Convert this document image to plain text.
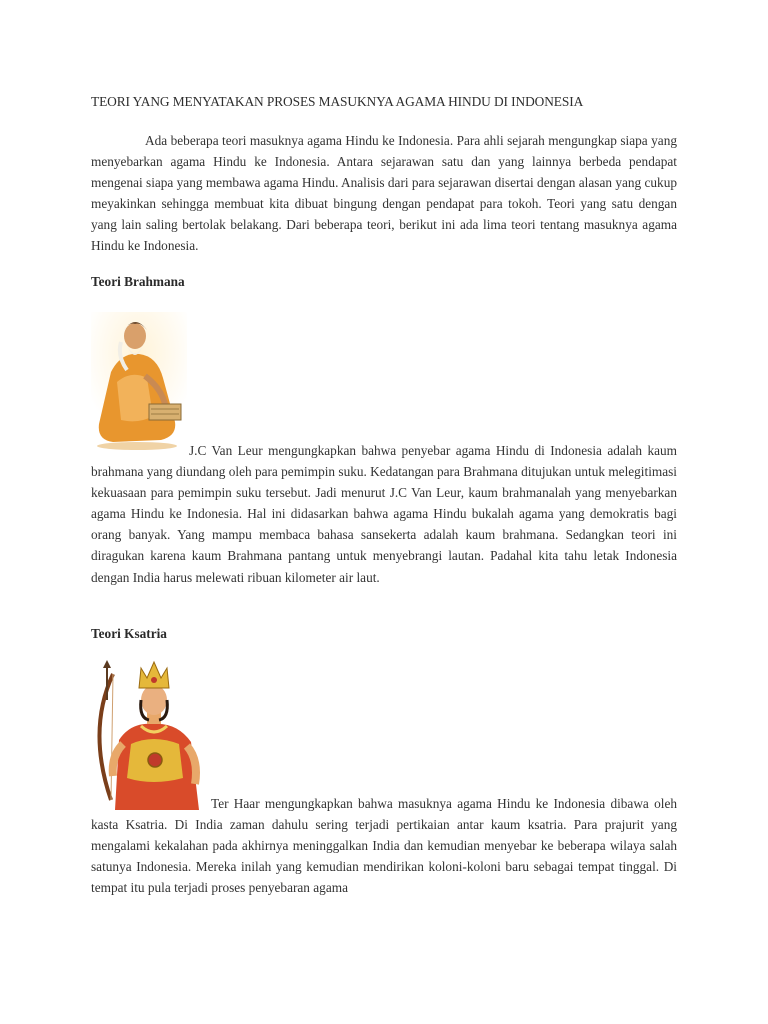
TEORI YANG MENYATAKAN PROSES MASUKNYA AGAMA HINDU DI INDONESIA

Ada beberapa teori masuknya agama Hindu ke Indonesia. Para ahli sejarah mengungkap siapa yang menyebarkan agama Hindu ke Indonesia. Antara sejarawan satu dan yang lainnya berbeda pendapat mengenai siapa yang membawa agama Hindu. Analisis dari para sejarawan disertai dengan alasan yang cukup meyakinkan sehingga membuat kita dibuat bingung dengan pendapat para tokoh. Teori yang satu dengan yang lain saling bertolak belakang. Dari beberapa teori, berikut ini ada lima teori tentang masuknya agama Hindu ke Indonesia.

Teori Brahmana

J.C Van Leur mengungkapkan bahwa penyebar agama Hindu di Indonesia adalah kaum brahmana yang diundang oleh para pemimpin suku. Kedatangan para Brahmana ditujukan untuk melegitimasi kekuasaan para pemimpin suku tersebut. Jadi menurut J.C Van Leur, kaum brahmanalah yang menyebarkan agama Hindu ke Indonesia. Hal ini didasarkan bahwa agama Hindu bukalah agama yang demokratis bagi orang banyak. Yang mampu membaca bahasa sansekerta adalah kaum brahmana. Sedangkan teori ini diragukan karena kaum Brahmana pantang untuk menyebrangi lautan. Padahal kita tahu letak Indonesia dengan India harus melewati ribuan kilometer air laut.

Teori Ksatria

Ter Haar mengungkapkan bahwa masuknya agama Hindu ke Indonesia dibawa oleh kasta Ksatria. Di India zaman dahulu sering terjadi pertikaian antar kaum ksatria. Para prajurit yang mengalami kekalahan pada akhirnya meninggalkan India dan kemudian menyebar ke beberapa wilaya salah satunya Indonesia. Mereka inilah yang kemudian mendirikan koloni-koloni baru sebagai tempat tinggal. Di tempat itu pula terjadi proses penyebaran agama
